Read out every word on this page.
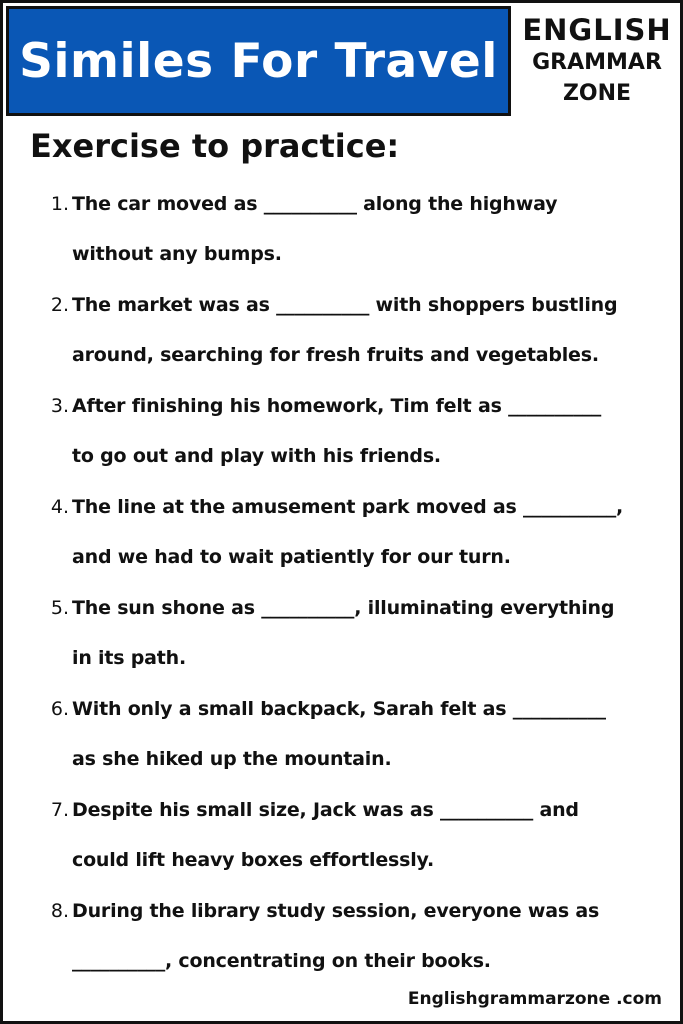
Similes For Travel
ENGLISH
GRAMMAR
ZONE
Exercise to practice:
1. The car moved as __________ along the highway
without any bumps.
2. The market was as __________ with shoppers bustling
around, searching for fresh fruits and vegetables.
3. After finishing his homework, Tim felt as __________
to go out and play with his friends.
4. The line at the amusement park moved as __________,
and we had to wait patiently for our turn.
5. The sun shone as __________, illuminating everything
in its path.
6. With only a small backpack, Sarah felt as __________
as she hiked up the mountain.
7. Despite his small size, Jack was as __________ and
could lift heavy boxes effortlessly.
8. During the library study session, everyone was as
__________, concentrating on their books.
Englishgrammarzone .com
